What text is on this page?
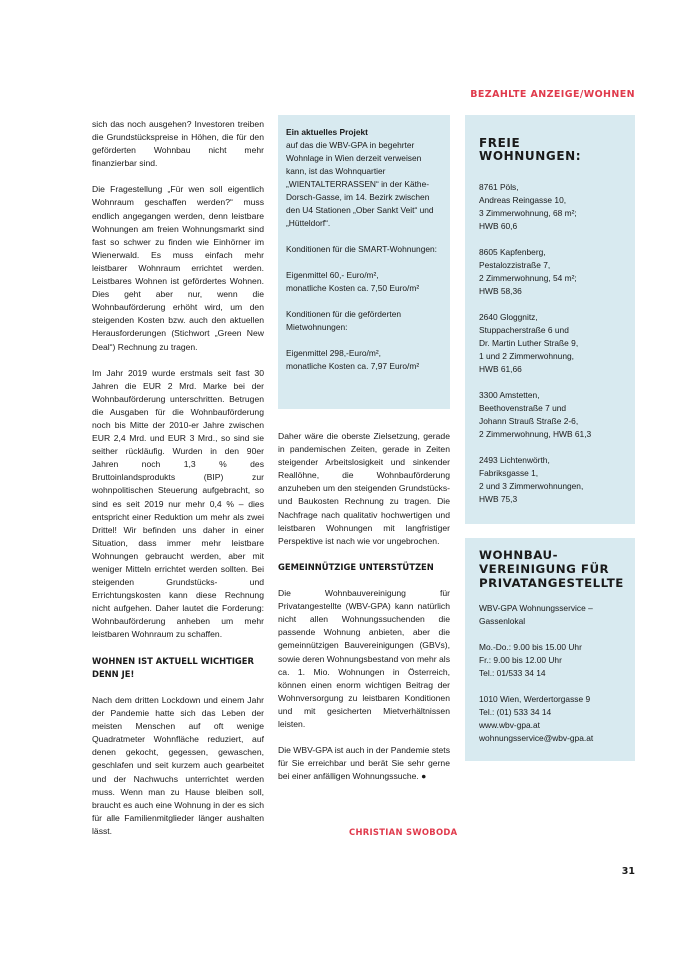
BEZAHLTE ANZEIGE/WOHNEN

sich das noch ausgehen? Investoren treiben die Grundstückspreise in Höhen, die für den geförderten Wohnbau nicht mehr finanzierbar sind.

Die Fragestellung „Für wen soll eigentlich Wohnraum geschaffen werden?“ muss endlich angegangen werden, denn leistbare Wohnungen am freien Wohnungsmarkt sind fast so schwer zu finden wie Einhörner im Wienerwald. Es muss einfach mehr leistbarer Wohnraum errichtet werden. Leistbares Wohnen ist gefördertes Wohnen. Dies geht aber nur, wenn die Wohnbauförderung erhöht wird, um den steigenden Kosten bzw. auch den aktuellen Herausforderungen (Stichwort „Green New Deal“) Rechnung zu tragen.

Im Jahr 2019 wurde erstmals seit fast 30 Jahren die EUR 2 Mrd. Marke bei der Wohnbauförderung unterschritten. Betrugen die Ausgaben für die Wohnbauförderung noch bis Mitte der 2010-er Jahre zwischen EUR 2,4 Mrd. und EUR 3 Mrd., so sind sie seither rückläufig. Wurden in den 90er Jahren noch 1,3 % des Bruttoinlandsprodukts (BIP) zur wohnpolitischen Steuerung aufgebracht, so sind es seit 2019 nur mehr 0,4 % – dies entspricht einer Reduktion um mehr als zwei Drittel! Wir befinden uns daher in einer Situation, dass immer mehr leistbare Wohnungen gebraucht werden, aber mit weniger Mitteln errichtet werden sollten. Bei steigenden Grundstücks- und Errichtungskosten kann diese Rechnung nicht aufgehen. Daher lautet die Forderung: Wohnbauförderung anheben um mehr leistbaren Wohnraum zu schaffen.

WOHNEN IST AKTUELL WICHTIGER DENN JE!

Nach dem dritten Lockdown und einem Jahr der Pandemie hatte sich das Leben der meisten Menschen auf oft wenige Quadratmeter Wohnfläche reduziert, auf denen gekocht, gegessen, gewaschen, geschlafen und seit kurzem auch gearbeitet und der Nachwuchs unterrichtet werden muss. Wenn man zu Hause bleiben soll, braucht es auch eine Wohnung in der es sich für alle Familienmitglieder länger aushalten lässt.

Ein aktuelles Projekt
auf das die WBV-GPA in begehrter Wohnlage in Wien derzeit verweisen kann, ist das Wohnquartier „WIENTALTERRASSEN“ in der Käthe-Dorsch-Gasse, im 14. Bezirk zwischen den U4 Stationen „Ober Sankt Veit“ und „Hütteldorf“.
Konditionen für die SMART-Wohnungen:
Eigenmittel 60,- Euro/m²,
monatliche Kosten ca. 7,50 Euro/m²
Konditionen für die geförderten Mietwohnungen:
Eigenmittel 298,-Euro/m²,
monatliche Kosten ca. 7,97 Euro/m²

Daher wäre die oberste Zielsetzung, gerade in pandemischen Zeiten, gerade in Zeiten steigender Arbeitslosigkeit und sinkender Reallöhne, die Wohnbauförderung anzuheben um den steigenden Grundstücks- und Baukosten Rechnung zu tragen. Die Nachfrage nach qualitativ hochwertigen und leistbaren Wohnungen mit langfristiger Perspektive ist nach wie vor ungebrochen.

GEMEINNÜTZIGE UNTERSTÜTZEN

Die Wohnbauvereinigung für Privatangestellte (WBV-GPA) kann natürlich nicht allen Wohnungssuchenden die passende Wohnung anbieten, aber die gemeinnützigen Bauvereinigungen (GBVs), sowie deren Wohnungsbestand von mehr als ca. 1. Mio. Wohnungen in Österreich, können einen enorm wichtigen Beitrag der Wohnversorgung zu leistbaren Konditionen und mit gesicherten Mietverhältnissen leisten.

Die WBV-GPA ist auch in der Pandemie stets für Sie erreichbar und berät Sie sehr gerne bei einer anfälligen Wohnungssuche. ●

CHRISTIAN SWOBODA
FREIE WOHNUNGEN:
8761 Pöls,
Andreas Reingasse 10,
3 Zimmerwohnung, 68 m²;
HWB 60,6
8605 Kapfenberg,
Pestalozzistraße 7,
2 Zimmerwohnung, 54 m²;
HWB 58,36
2640 Gloggnitz,
Stuppacherstraße 6 und
Dr. Martin Luther Straße 9,
1 und 2 Zimmerwohnung,
HWB 61,66
3300 Amstetten,
Beethovenstraße 7 und
Johann Strauß Straße 2-6,
2 Zimmerwohnung, HWB 61,3
2493 Lichtenwörth,
Fabriksgasse 1,
2 und 3 Zimmerwohnungen,
HWB 75,3
WOHNBAU-
VEREINIGUNG FÜR
PRIVATANGESTELLTE
WBV-GPA Wohnungsservice –
Gassenlokal
Mo.-Do.: 9.00 bis 15.00 Uhr
Fr.: 9.00 bis 12.00 Uhr
Tel.: 01/533 34 14
1010 Wien, Werdertorgasse 9
Tel.: (01) 533 34 14
www.wbv-gpa.at
wohnungsservice@wbv-gpa.at
31
